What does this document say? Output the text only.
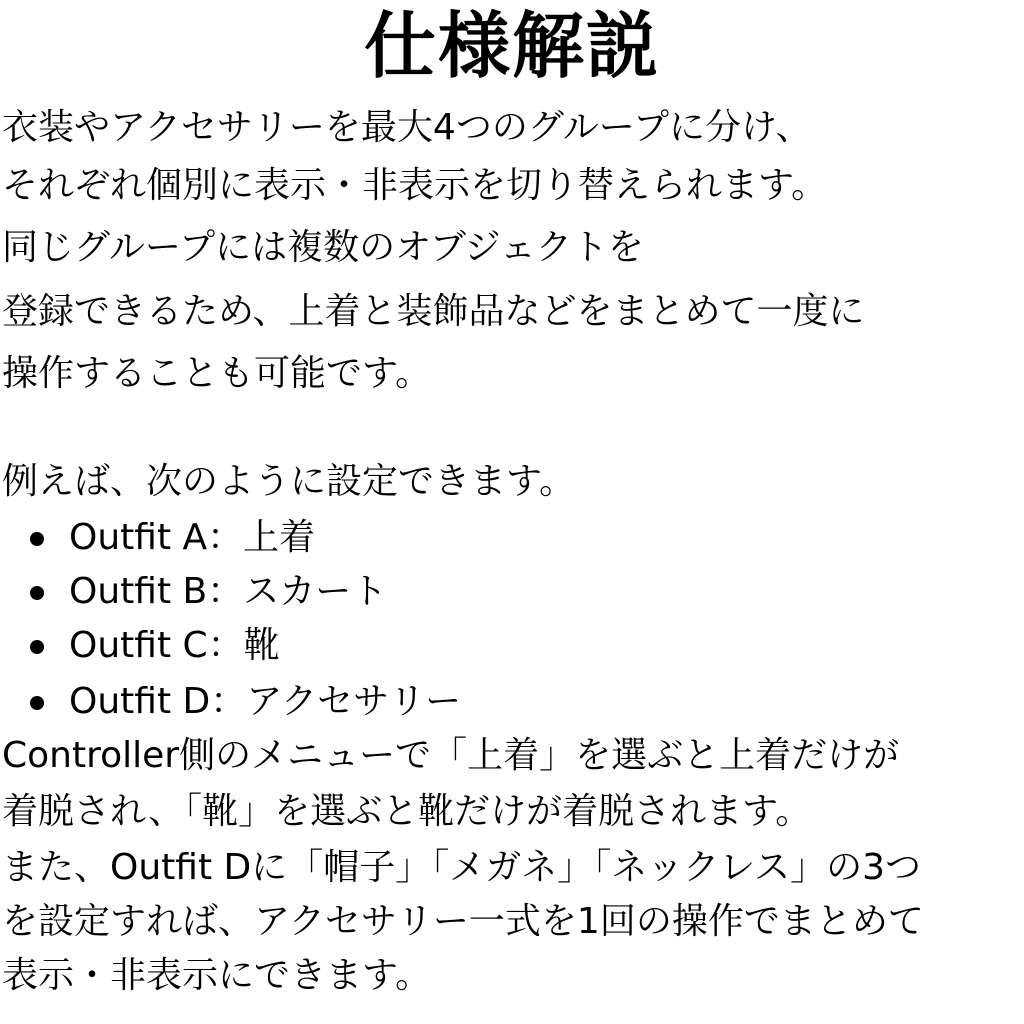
仕様解説

衣装やアクセサリーを最大4つのグループに分け、

それぞれ個別に表示・非表示を切り替えられます。

同じグループには複数のオブジェクトを

登録できるため、上着と装飾品などをまとめて一度に

操作することも可能です。

例えば、次のように設定できます。

Outfit A：上着
Outfit B：スカート
Outfit C：靴
Outfit D：アクセサリー

Controller側のメニューで「上着」を選ぶと上着だけが

着脱され、「靴」を選ぶと靴だけが着脱されます。

また、Outfit Dに「帽子」「メガネ」「ネックレス」の3つ

を設定すれば、アクセサリー一式を1回の操作でまとめて

表示・非表示にできます。
